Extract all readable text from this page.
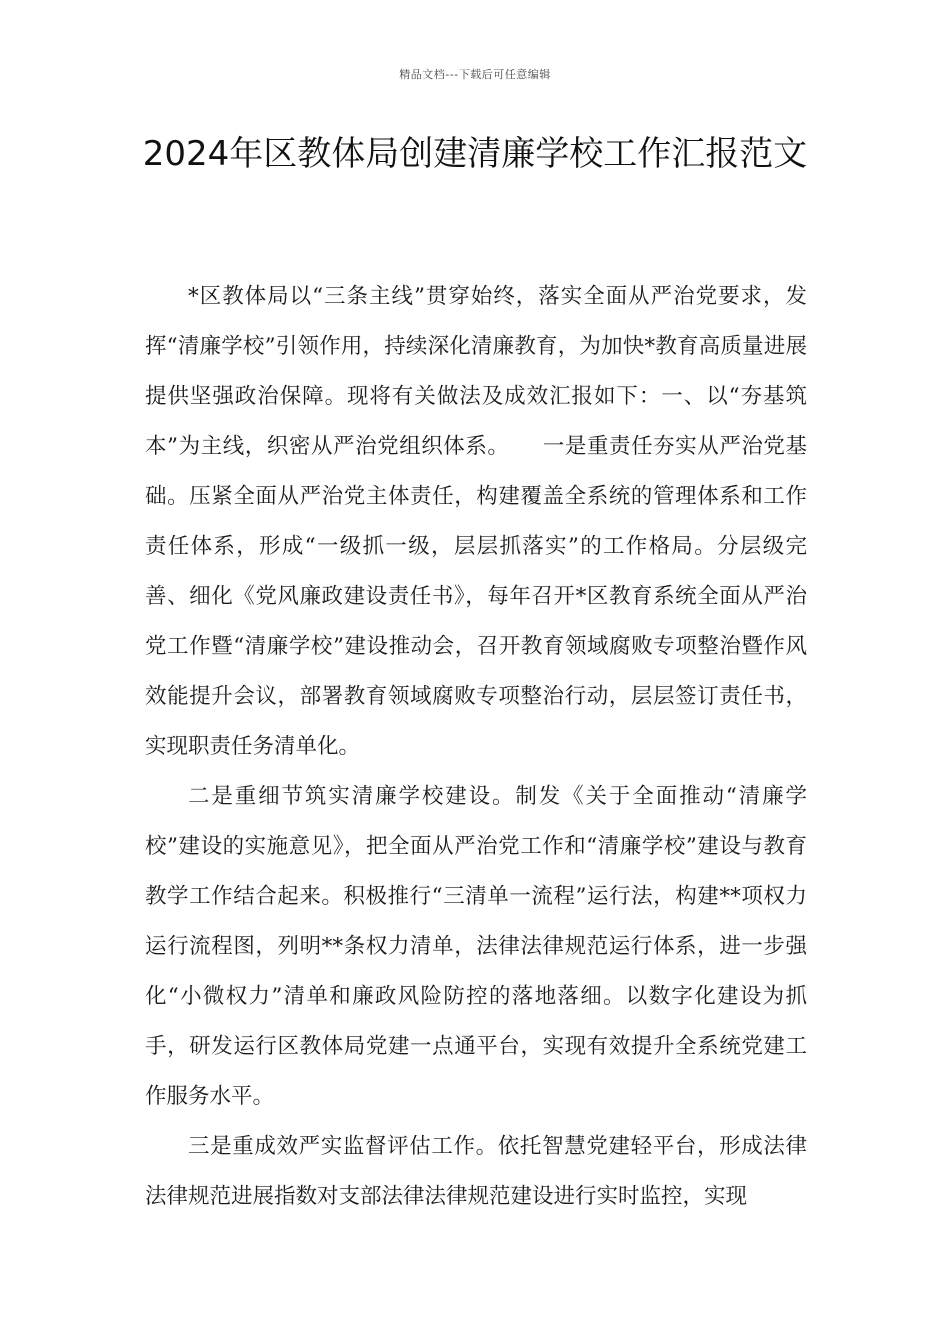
精品文档---下载后可任意编辑
2024年区教体局创建清廉学校工作汇报范文

*区教体局以“三条主线”贯穿始终，落实全面从严治党要求，发挥“清廉学校”引领作用，持续深化清廉教育，为加快*教育高质量进展提供坚强政治保障。现将有关做法及成效汇报如下：一、以“夯基筑本”为主线，织密从严治党组织体系。　　一是重责任夯实从严治党基础。压紧全面从严治党主体责任，构建覆盖全系统的管理体系和工作责任体系，形成“一级抓一级，层层抓落实”的工作格局。分层级完善、细化《党风廉政建设责任书》，每年召开*区教育系统全面从严治党工作暨“清廉学校”建设推动会，召开教育领域腐败专项整治暨作风效能提升会议，部署教育领域腐败专项整治行动，层层签订责任书，实现职责任务清单化。

二是重细节筑实清廉学校建设。制发《关于全面推动“清廉学校”建设的实施意见》，把全面从严治党工作和“清廉学校”建设与教育教学工作结合起来。积极推行“三清单一流程”运行法，构建**项权力运行流程图，列明**条权力清单，法律法律规范运行体系，进一步强化“小微权力”清单和廉政风险防控的落地落细。以数字化建设为抓手，研发运行区教体局党建一点通平台，实现有效提升全系统党建工作服务水平。

三是重成效严实监督评估工作。依托智慧党建轻平台，形成法律法律规范进展指数对支部法律法律规范建设进行实时监控，实现
